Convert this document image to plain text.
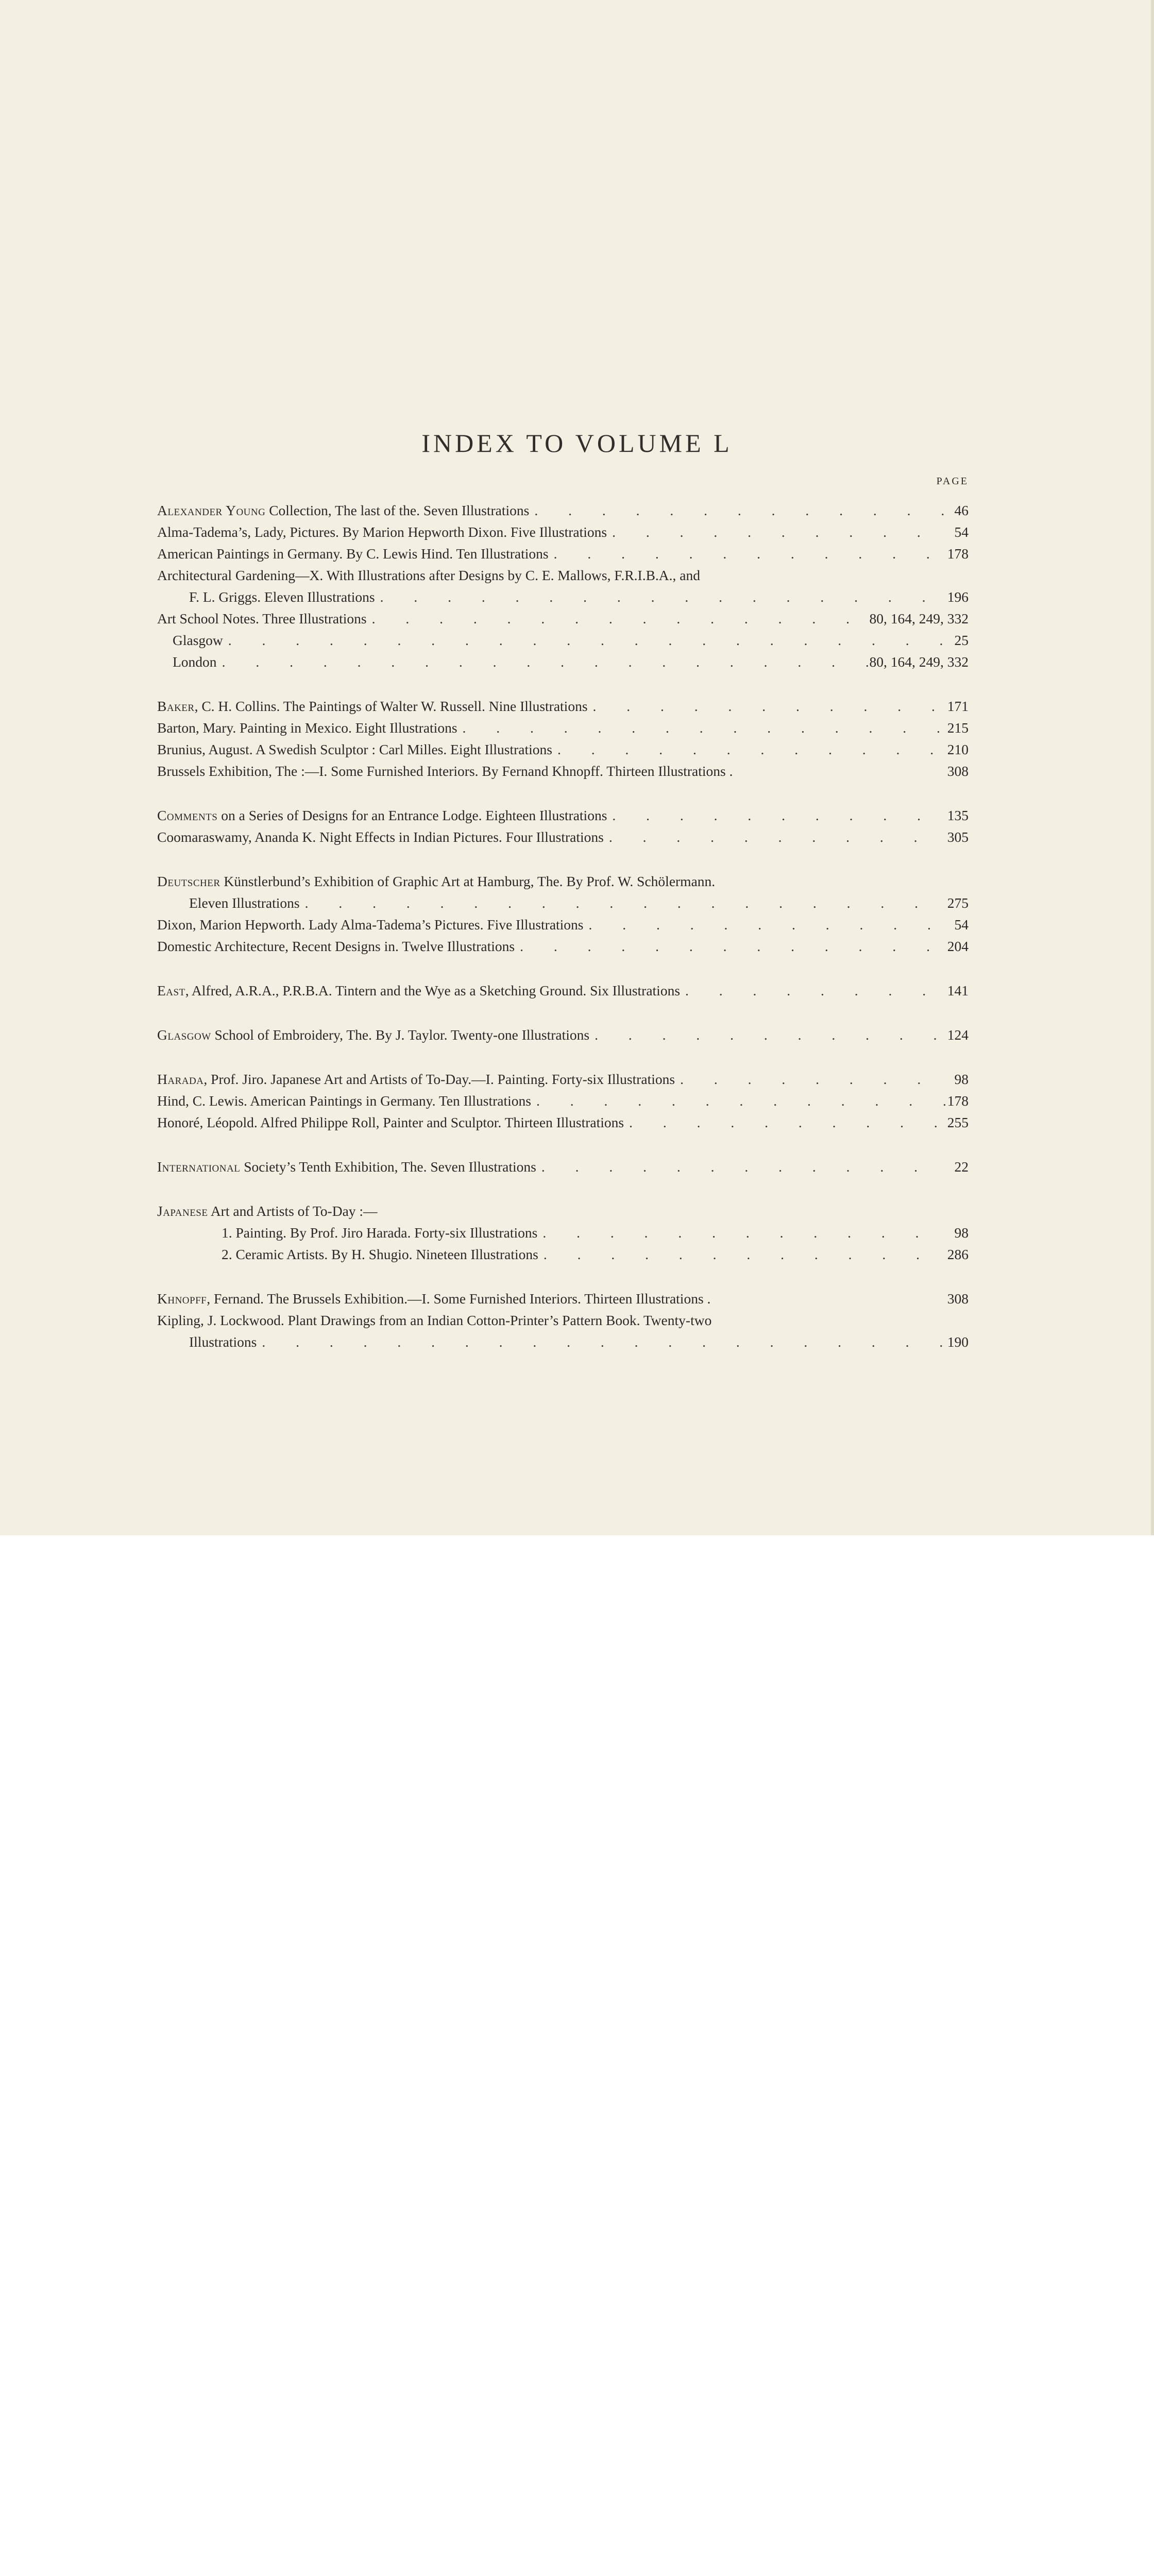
INDEX TO VOLUME L
PAGE
Alexander Young Collection, The last of the. Seven Illustrations . . .	46
Alma-Tadema’s, Lady, Pictures. By Marion Hepworth Dixon. Five Illustrations . . .	54
American Paintings in Germany. By C. Lewis Hind. Ten Illustrations . . .	178
Architectural Gardening—X. With Illustrations after Designs by C. E. Mallows, F.R.I.B.A., and
F. L. Griggs. Eleven Illustrations . . .	196
Art School Notes. Three Illustrations . . .	80, 164, 249, 332
Glasgow . . .	25
London . . .	80, 164, 249, 332
Baker, C. H. Collins. The Paintings of Walter W. Russell. Nine Illustrations . . .	171
Barton, Mary. Painting in Mexico. Eight Illustrations . . .	215
Brunius, August. A Swedish Sculptor : Carl Milles. Eight Illustrations . . .	210
Brussels Exhibition, The :—I. Some Furnished Interiors. By Fernand Khnopff. Thirteen Illustrations .	308
Comments on a Series of Designs for an Entrance Lodge. Eighteen Illustrations . . .	135
Coomaraswamy, Ananda K. Night Effects in Indian Pictures. Four Illustrations . . .	305
Deutscher Künstlerbund’s Exhibition of Graphic Art at Hamburg, The. By Prof. W. Schölermann.
Eleven Illustrations . . .	275
Dixon, Marion Hepworth. Lady Alma-Tadema’s Pictures. Five Illustrations . . .	54
Domestic Architecture, Recent Designs in. Twelve Illustrations . . .	204
East, Alfred, A.R.A., P.R.B.A. Tintern and the Wye as a Sketching Ground. Six Illustrations . . .	141
Glasgow School of Embroidery, The. By J. Taylor. Twenty-one Illustrations . . .	124
Harada, Prof. Jiro. Japanese Art and Artists of To-Day.—I. Painting. Forty-six Illustrations . . .	98
Hind, C. Lewis. American Paintings in Germany. Ten Illustrations . . .	178
Honoré, Léopold. Alfred Philippe Roll, Painter and Sculptor. Thirteen Illustrations . . .	255
International Society’s Tenth Exhibition, The. Seven Illustrations . . .	22
Japanese Art and Artists of To-Day :—
1. Painting. By Prof. Jiro Harada. Forty-six Illustrations . . .	98
2. Ceramic Artists. By H. Shugio. Nineteen Illustrations . . .	286
Khnopff, Fernand. The Brussels Exhibition.—I. Some Furnished Interiors. Thirteen Illustrations .	308
Kipling, J. Lockwood. Plant Drawings from an Indian Cotton-Printer’s Pattern Book. Twenty-two
Illustrations . . .	190
